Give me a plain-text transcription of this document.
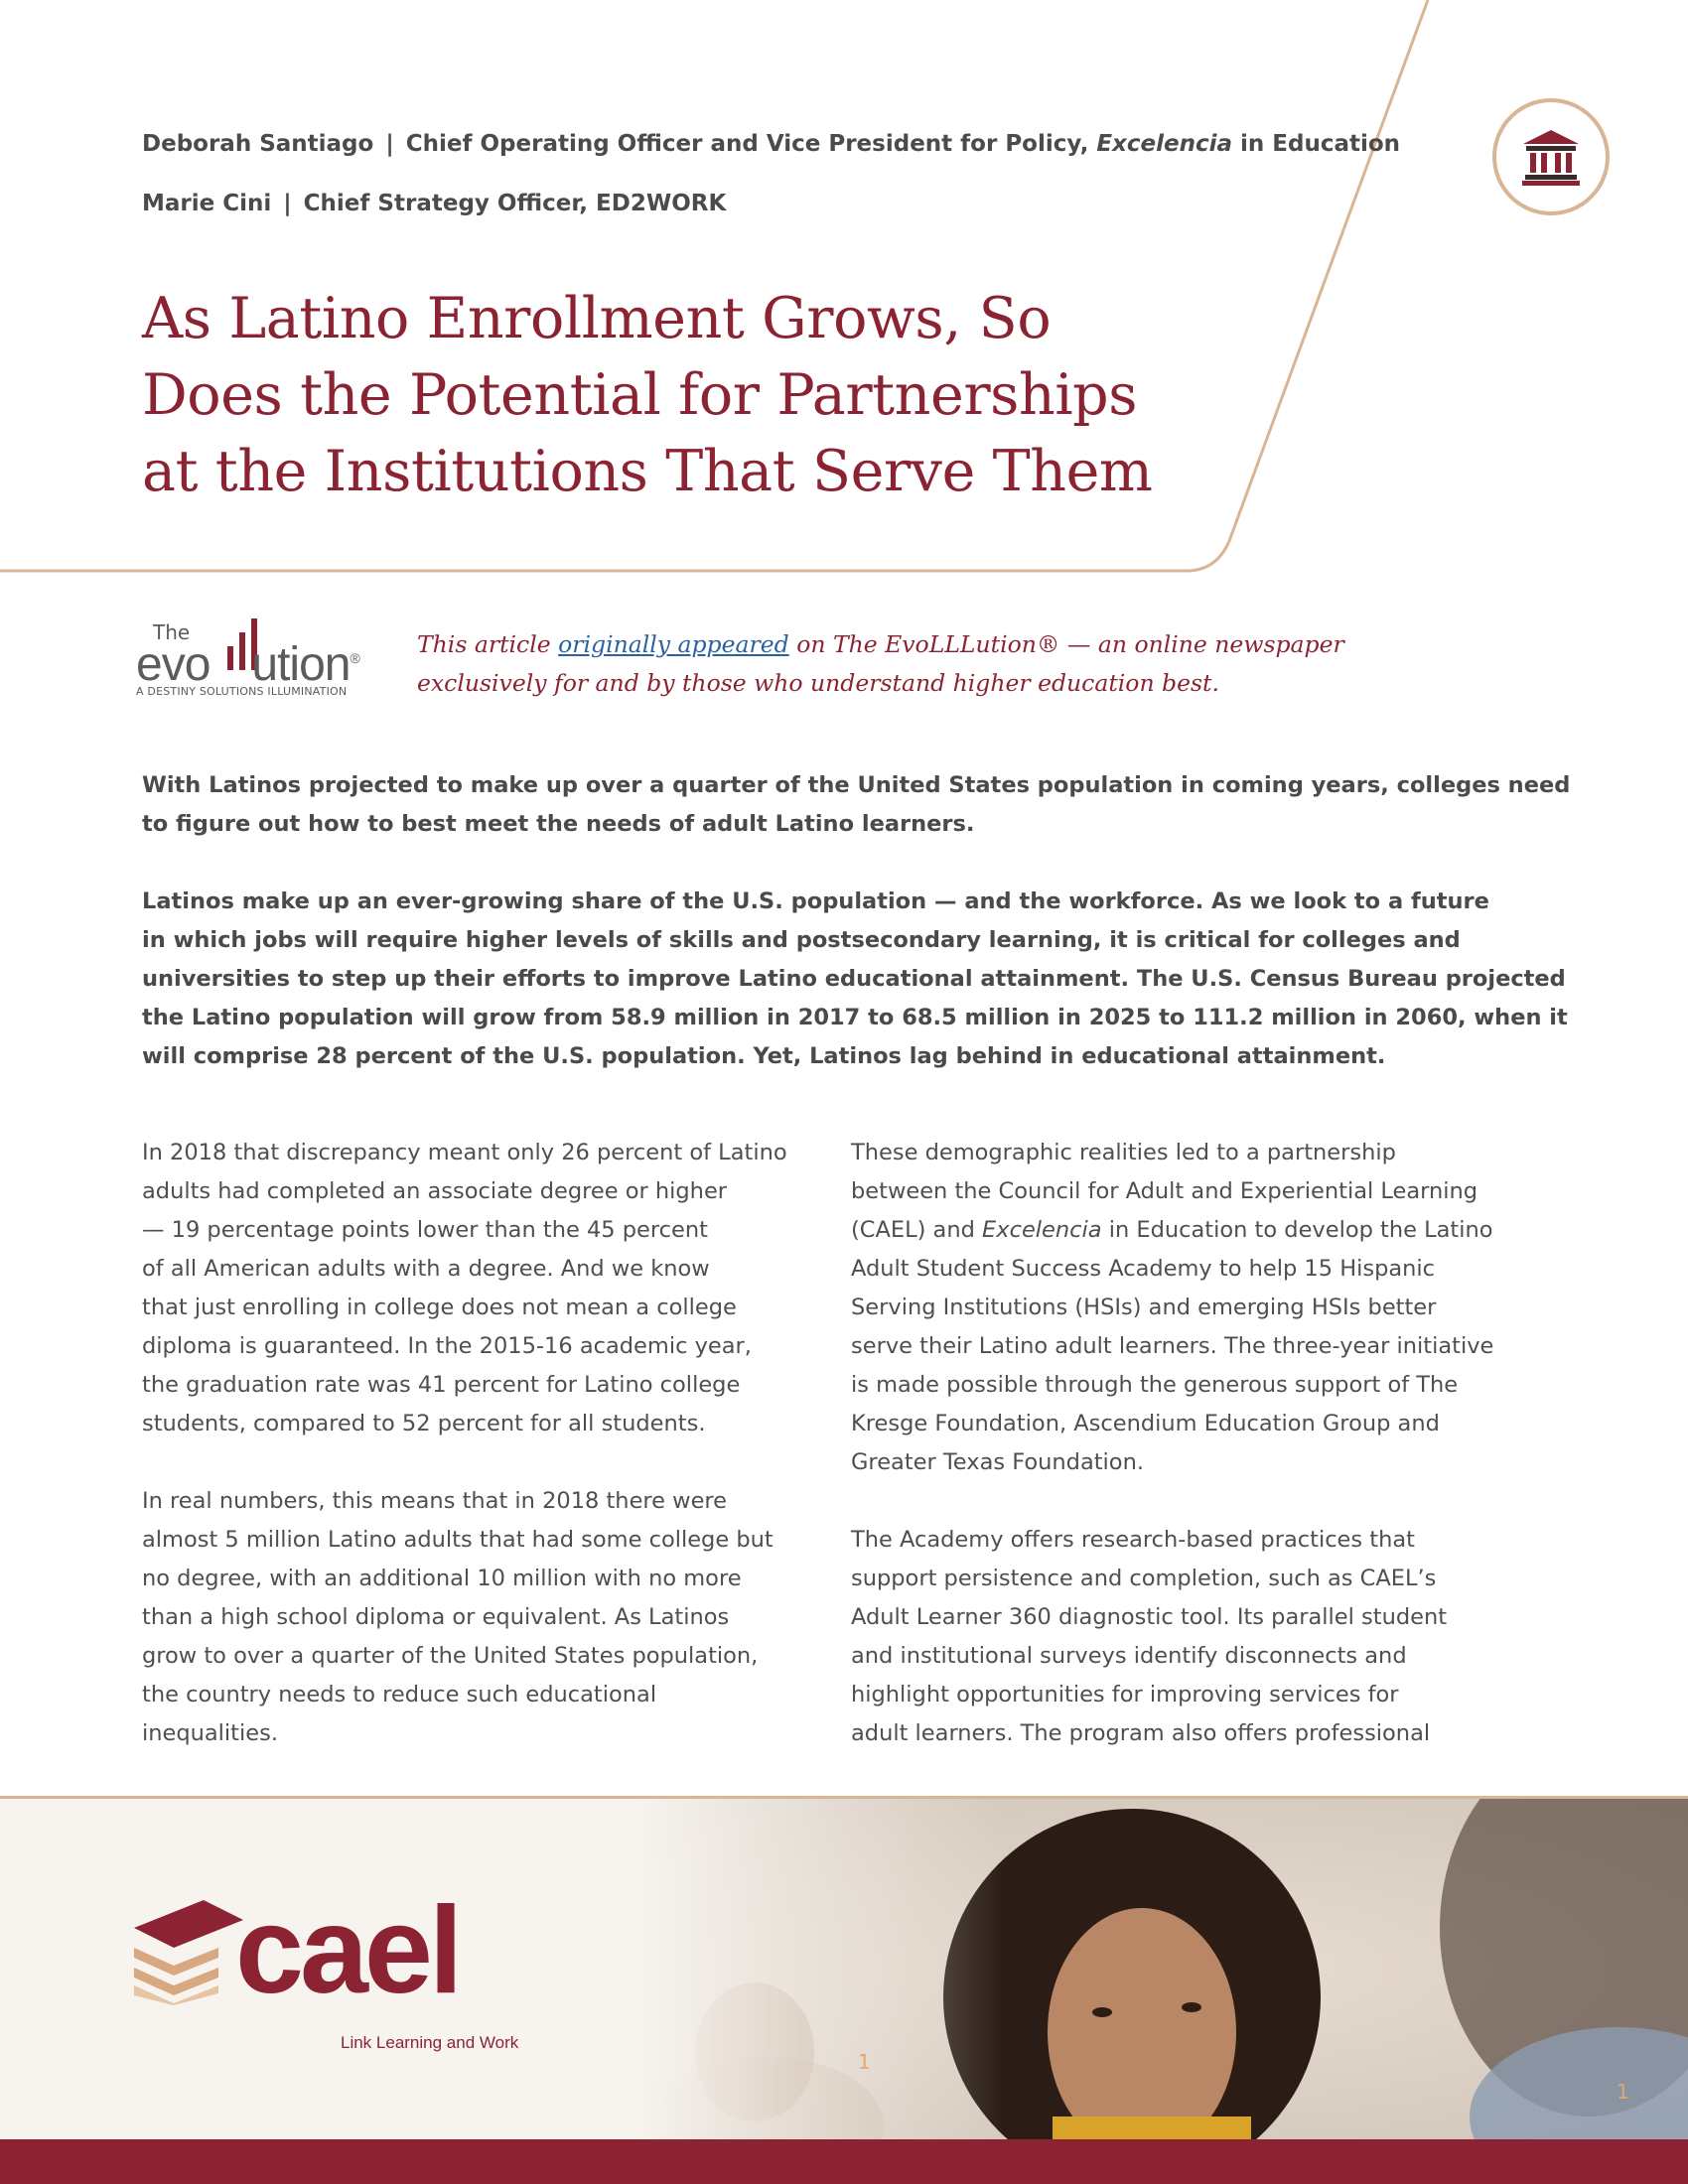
Deborah Santiago | Chief Operating Officer and Vice President for Policy, Excelencia in Education
Marie Cini | Chief Strategy Officer, ED2WORK
As Latino Enrollment Grows, So
Does the Potential for Partnerships
at the Institutions That Serve Them
The
evo ution®
A DESTINY SOLUTIONS ILLUMINATION
This article originally appeared on The EvoLLLution® — an online newspaper
exclusively for and by those who understand higher education best.
With Latinos projected to make up over a quarter of the United States population in coming years, colleges need
to figure out how to best meet the needs of adult Latino learners.
Latinos make up an ever-growing share of the U.S. population — and the workforce. As we look to a future
in which jobs will require higher levels of skills and postsecondary learning, it is critical for colleges and
universities to step up their efforts to improve Latino educational attainment. The U.S. Census Bureau projected
the Latino population will grow from 58.9 million in 2017 to 68.5 million in 2025 to 111.2 million in 2060, when it
will comprise 28 percent of the U.S. population. Yet, Latinos lag behind in educational attainment.
In 2018 that discrepancy meant only 26 percent of Latino
adults had completed an associate degree or higher
— 19 percentage points lower than the 45 percent
of all American adults with a degree. And we know
that just enrolling in college does not mean a college
diploma is guaranteed. In the 2015-16 academic year,
the graduation rate was 41 percent for Latino college
students, compared to 52 percent for all students.
In real numbers, this means that in 2018 there were
almost 5 million Latino adults that had some college but
no degree, with an additional 10 million with no more
than a high school diploma or equivalent. As Latinos
grow to over a quarter of the United States population,
the country needs to reduce such educational
inequalities.
These demographic realities led to a partnership
between the Council for Adult and Experiential Learning
(CAEL) and Excelencia in Education to develop the Latino
Adult Student Success Academy to help 15 Hispanic
Serving Institutions (HSIs) and emerging HSIs better
serve their Latino adult learners. The three-year initiative
is made possible through the generous support of The
Kresge Foundation, Ascendium Education Group and
Greater Texas Foundation.
The Academy offers research-based practices that
support persistence and completion, such as CAEL’s
Adult Learner 360 diagnostic tool. Its parallel student
and institutional surveys identify disconnects and
highlight opportunities for improving services for
adult learners. The program also offers professional
cael
Link Learning and Work
1
1
